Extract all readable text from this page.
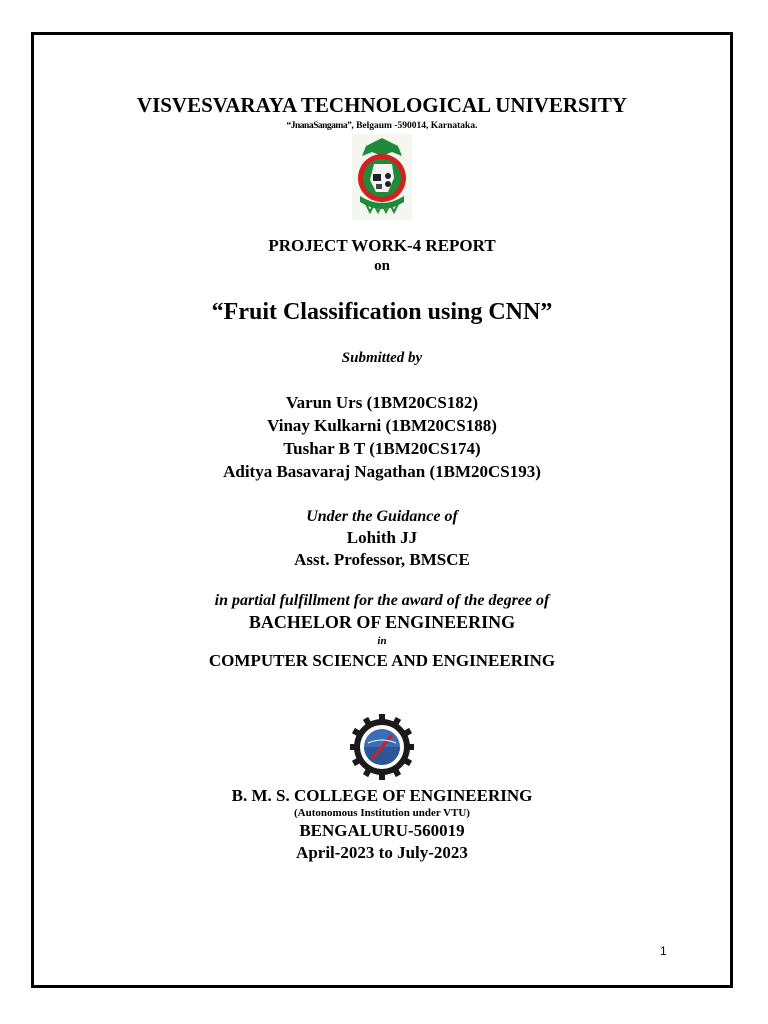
VISVESVARAYA TECHNOLOGICAL UNIVERSITY
“JnanaSangama”, Belgaum -590014, Karnataka.
PROJECT WORK-4 REPORT
on
“Fruit Classification using CNN”
Submitted by
Varun Urs (1BM20CS182)
Vinay Kulkarni (1BM20CS188)
Tushar B T (1BM20CS174)
Aditya Basavaraj Nagathan (1BM20CS193)
Under the Guidance of
Lohith JJ
Asst. Professor, BMSCE
in partial fulfillment for the award of the degree of
BACHELOR OF ENGINEERING
in
COMPUTER SCIENCE AND ENGINEERING
B. M. S. COLLEGE OF ENGINEERING
(Autonomous Institution under VTU)
BENGALURU-560019
April-2023 to July-2023
1
